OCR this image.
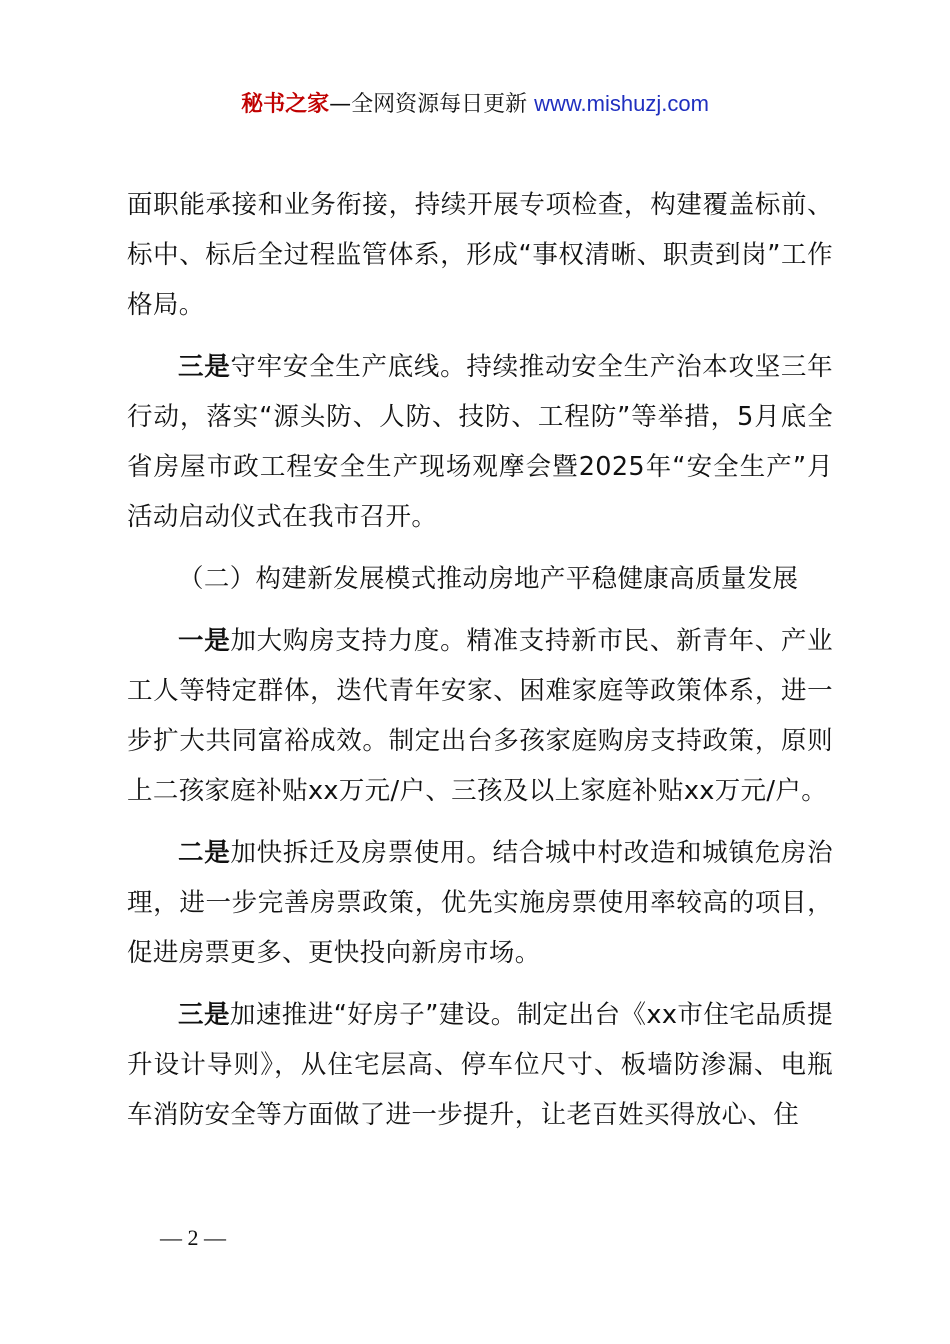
秘书之家—全网资源每日更新 www.mishuzj.com

面职能承接和业务衔接，持续开展专项检查，构建覆盖标前、标中、标后全过程监管体系，形成“事权清晰、职责到岗”工作格局。

三是守牢安全生产底线。持续推动安全生产治本攻坚三年行动，落实“源头防、人防、技防、工程防”等举措，5月底全省房屋市政工程安全生产现场观摩会暨2025年“安全生产”月活动启动仪式在我市召开。

（二）构建新发展模式推动房地产平稳健康高质量发展

一是加大购房支持力度。精准支持新市民、新青年、产业工人等特定群体，迭代青年安家、困难家庭等政策体系，进一步扩大共同富裕成效。制定出台多孩家庭购房支持政策，原则上二孩家庭补贴xx万元/户、三孩及以上家庭补贴xx万元/户。

二是加快拆迁及房票使用。结合城中村改造和城镇危房治理，进一步完善房票政策，优先实施房票使用率较高的项目，促进房票更多、更快投向新房市场。

三是加速推进“好房子”建设。制定出台《xx市住宅品质提升设计导则》，从住宅层高、停车位尺寸、板墙防渗漏、电瓶车消防安全等方面做了进一步提升，让老百姓买得放心、住

— 2 —
